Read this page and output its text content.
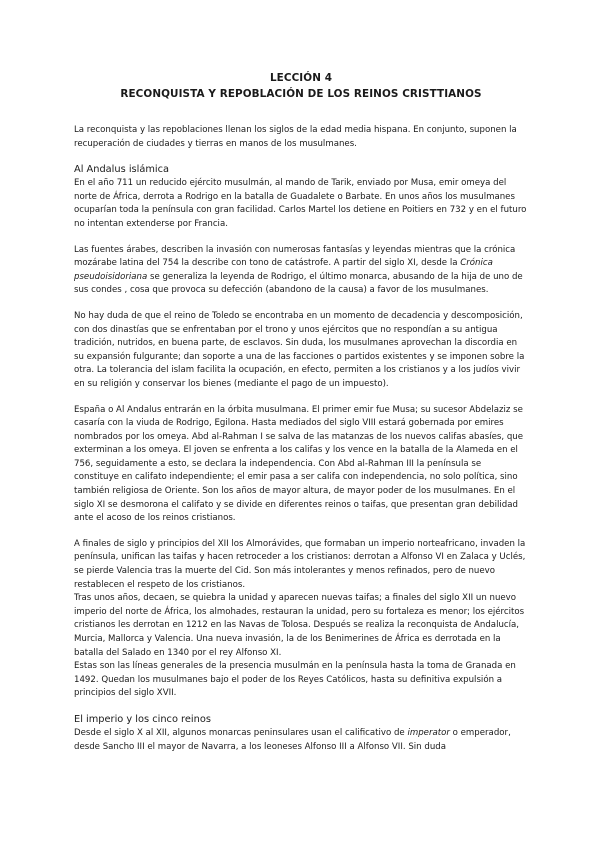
LECCIÓN 4
RECONQUISTA Y REPOBLACIÓN DE LOS REINOS CRISTTIANOS

La reconquista y las repoblaciones llenan los siglos de la edad media hispana. En conjunto, suponen la recuperación de ciudades y tierras en manos de los musulmanes.

Al Andalus islámica

En el año 711 un reducido ejército musulmán, al mando de Tarik, enviado por Musa, emir omeya del norte de África, derrota a Rodrigo en la batalla de Guadalete o Barbate. En unos años los musulmanes ocuparían toda la península con gran facilidad. Carlos Martel los detiene en Poitiers en 732 y en el futuro no intentan extenderse por Francia.

Las fuentes árabes, describen la invasión con numerosas fantasías y leyendas mientras que la crónica mozárabe latina del 754 la describe con tono de catástrofe. A partir del siglo XI, desde la Crónica pseudoisidoriana se generaliza la leyenda de Rodrigo, el último monarca, abusando de la hija de uno de sus condes , cosa que provoca su defección (abandono de la causa) a favor de los musulmanes.

No hay duda de que el reino de Toledo se encontraba en un momento de decadencia y descomposición, con dos dinastías que se enfrentaban por el trono y unos ejércitos que no respondían a su antigua tradición, nutridos, en buena parte, de esclavos. Sin duda, los musulmanes aprovechan la discordia en su expansión fulgurante; dan soporte a una de las facciones o partidos existentes y se imponen sobre la otra. La tolerancia del islam facilita la ocupación, en efecto, permiten a los cristianos y a los judíos vivir en su religión y conservar los bienes (mediante el pago de un impuesto).

España o Al Andalus entrarán en la órbita musulmana. El primer emir fue Musa; su sucesor Abdelaziz se casaría con la viuda de Rodrigo, Egilona. Hasta mediados del siglo VIII estará gobernada por emires nombrados por los omeya. Abd al-Rahman I se salva de las matanzas de los nuevos califas abasíes, que exterminan a los omeya. El joven se enfrenta a los califas y los vence en la batalla de la Alameda en el 756, seguidamente a esto, se declara la independencia. Con Abd al-Rahman III la península se constituye en califato independiente; el emir pasa a ser califa con independencia, no solo política, sino también religiosa de Oriente. Son los años de mayor altura, de mayor poder de los musulmanes. En el siglo XI se desmorona el califato y se divide en diferentes reinos o taifas, que presentan gran debilidad ante el acoso de los reinos cristianos.

A finales de siglo y principios del XII los Almorávides, que formaban un imperio norteafricano, invaden la península, unifican las taifas y hacen retroceder a los cristianos: derrotan a Alfonso VI en Zalaca y Uclés, se pierde Valencia tras la muerte del Cid. Son más intolerantes y menos refinados, pero de nuevo restablecen el respeto de los cristianos.

Tras unos años, decaen, se quiebra la unidad y aparecen nuevas taifas; a finales del siglo XII un nuevo imperio del norte de África, los almohades, restauran la unidad, pero su fortaleza es menor; los ejércitos cristianos les derrotan en 1212 en las Navas de Tolosa. Después se realiza la reconquista de Andalucía, Murcia, Mallorca y Valencia. Una nueva invasión, la de los Benimerines de África es derrotada en la batalla del Salado en 1340 por el rey Alfonso XI.

Estas son las líneas generales de la presencia musulmán en la península hasta la toma de Granada en 1492. Quedan los musulmanes bajo el poder de los Reyes Católicos, hasta su definitiva expulsión a principios del siglo XVII.

El imperio y los cinco reinos

Desde el siglo X al XII, algunos monarcas peninsulares usan el calificativo de imperator o emperador, desde Sancho III el mayor de Navarra, a los leoneses Alfonso III a Alfonso VII. Sin duda
